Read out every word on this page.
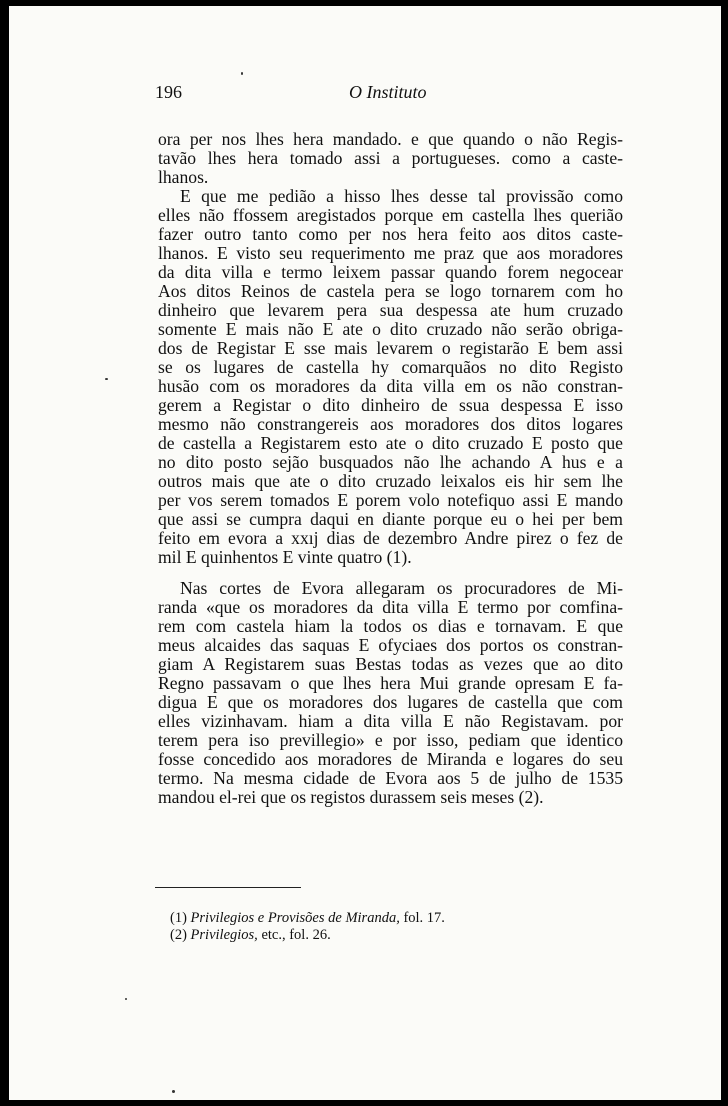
196	O Instituto
ora per nos lhes hera mandado. e que quando o não Regis-
tavão lhes hera tomado assi a portugueses. como a caste-
lhanos.
E que me pedião a hisso lhes desse tal provissão como
elles não ffossem aregistados porque em castella lhes querião
fazer outro tanto como per nos hera feito aos ditos caste-
lhanos. E visto seu requerimento me praz que aos moradores
da dita villa e termo leixem passar quando forem negocear
Aos ditos Reinos de castela pera se logo tornarem com ho
dinheiro que levarem pera sua despessa ate hum cruzado
somente E mais não E ate o dito cruzado não serão obriga-
dos de Registar E sse mais levarem o registarão E bem assi
se os lugares de castella hy comarquãos no dito Registo
husão com os moradores da dita villa em os não constran-
gerem a Registar o dito dinheiro de ssua despessa E isso
mesmo não constrangereis aos moradores dos ditos logares
de castella a Registarem esto ate o dito cruzado E posto que
no dito posto sejão busquados não lhe achando A hus e a
outros mais que ate o dito cruzado leixalos eis hir sem lhe
per vos serem tomados E porem volo notefiquo assi E mando
que assi se cumpra daqui en diante porque eu o hei per bem
feito em evora a xxıj dias de dezembro Andre pirez o fez de
mil E quinhentos E vinte quatro (1).
Nas cortes de Evora allegaram os procuradores de Mi-
randa «que os moradores da dita villa E termo por comfina-
rem com castela hiam la todos os dias e tornavam. E que
meus alcaides das saquas E ofyciaes dos portos os constran-
giam A Registarem suas Bestas todas as vezes que ao dito
Regno passavam o que lhes hera Mui grande opresam E fa-
digua E que os moradores dos lugares de castella que com
elles vizinhavam. hiam a dita villa E não Registavam. por
terem pera iso previllegio» e por isso, pediam que identico
fosse concedido aos moradores de Miranda e logares do seu
termo. Na mesma cidade de Evora aos 5 de julho de 1535
mandou el-rei que os registos durassem seis meses (2).
(1) Privilegios e Provisões de Miranda, fol. 17.
(2) Privilegios, etc., fol. 26.
